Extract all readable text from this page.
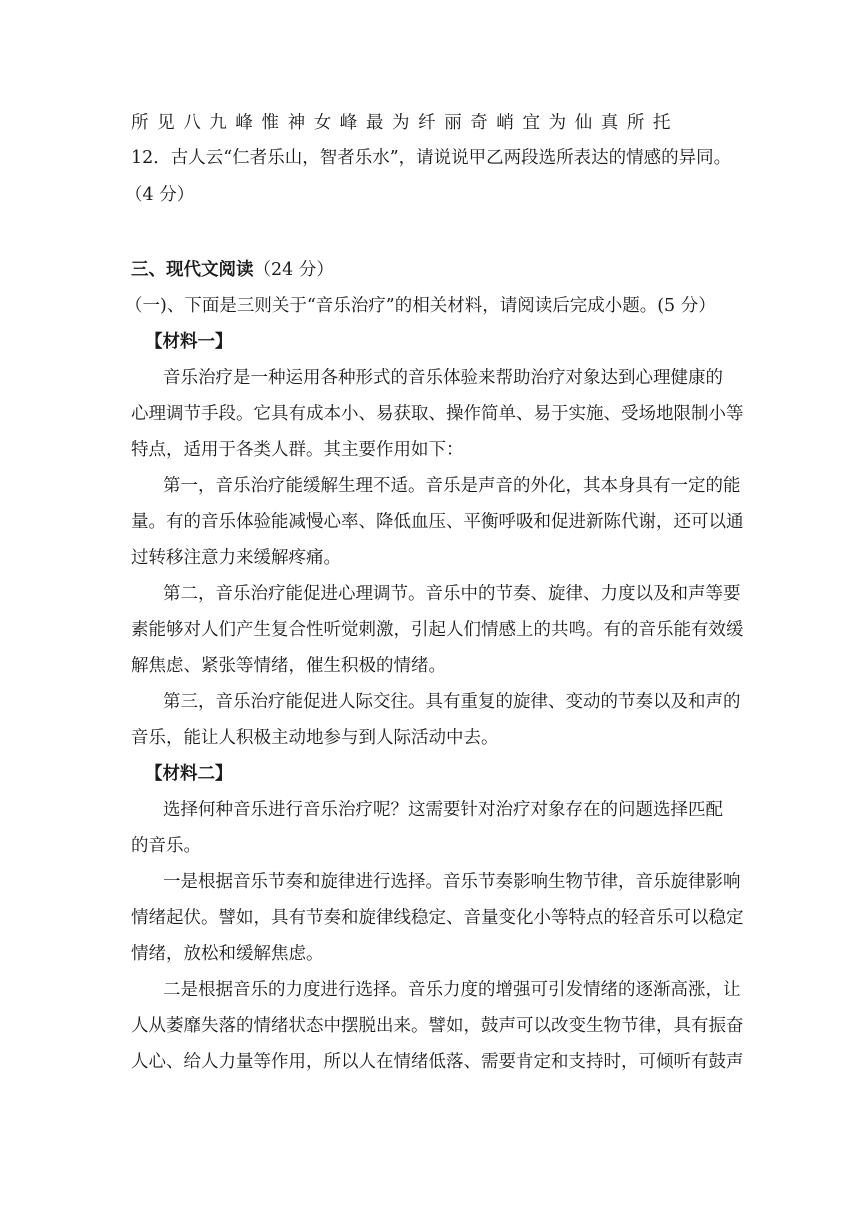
所见八九峰惟神女峰最为纤丽奇峭宜为仙真所托
12．古人云“仁者乐山，智者乐水”，请说说甲乙两段选所表达的情感的异同。
（4 分）
三、现代文阅读（24 分）
（一)、下面是三则关于“音乐治疗”的相关材料，请阅读后完成小题。(5 分）
【材料一】
音乐治疗是一种运用各种形式的音乐体验来帮助治疗对象达到心理健康的
心理调节手段。它具有成本小、易获取、操作简单、易于实施、受场地限制小等
特点，适用于各类人群。其主要作用如下：
第一，音乐治疗能缓解生理不适。音乐是声音的外化，其本身具有一定的能
量。有的音乐体验能减慢心率、降低血压、平衡呼吸和促进新陈代谢，还可以通
过转移注意力来缓解疼痛。
第二，音乐治疗能促进心理调节。音乐中的节奏、旋律、力度以及和声等要
素能够对人们产生复合性听觉刺激，引起人们情感上的共鸣。有的音乐能有效缓
解焦虑、紧张等情绪，催生积极的情绪。
第三，音乐治疗能促进人际交往。具有重复的旋律、变动的节奏以及和声的
音乐，能让人积极主动地参与到人际活动中去。
【材料二】
选择何种音乐进行音乐治疗呢？这需要针对治疗对象存在的问题选择匹配
的音乐。
一是根据音乐节奏和旋律进行选择。音乐节奏影响生物节律，音乐旋律影响
情绪起伏。譬如，具有节奏和旋律线稳定、音量变化小等特点的轻音乐可以稳定
情绪，放松和缓解焦虑。
二是根据音乐的力度进行选择。音乐力度的增强可引发情绪的逐渐高涨，让
人从萎靡失落的情绪状态中摆脱出来。譬如，鼓声可以改变生物节律，具有振奋
人心、给人力量等作用，所以人在情绪低落、需要肯定和支持时，可倾听有鼓声
